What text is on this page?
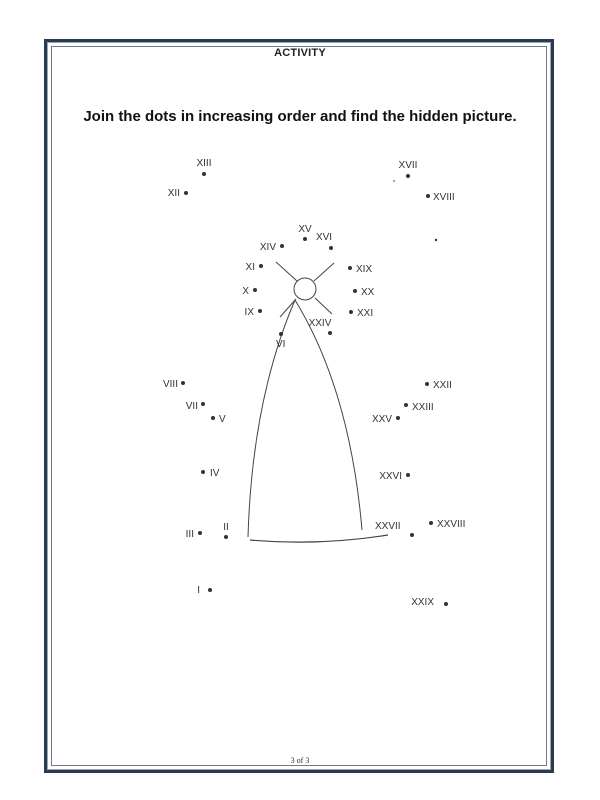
ACTIVITY
Join the dots in increasing order and find the hidden picture.
I
II
III
IV
V
VI
VII
VIII
IX
X
XI
XII
XIII
XIV
XV
XVI
XVII
XVIII
XIX
XX
XXI
XXII
XXIII
XXIV
XXV
XXVI
XXVII	XXVIII
XXIX
3 of 3
